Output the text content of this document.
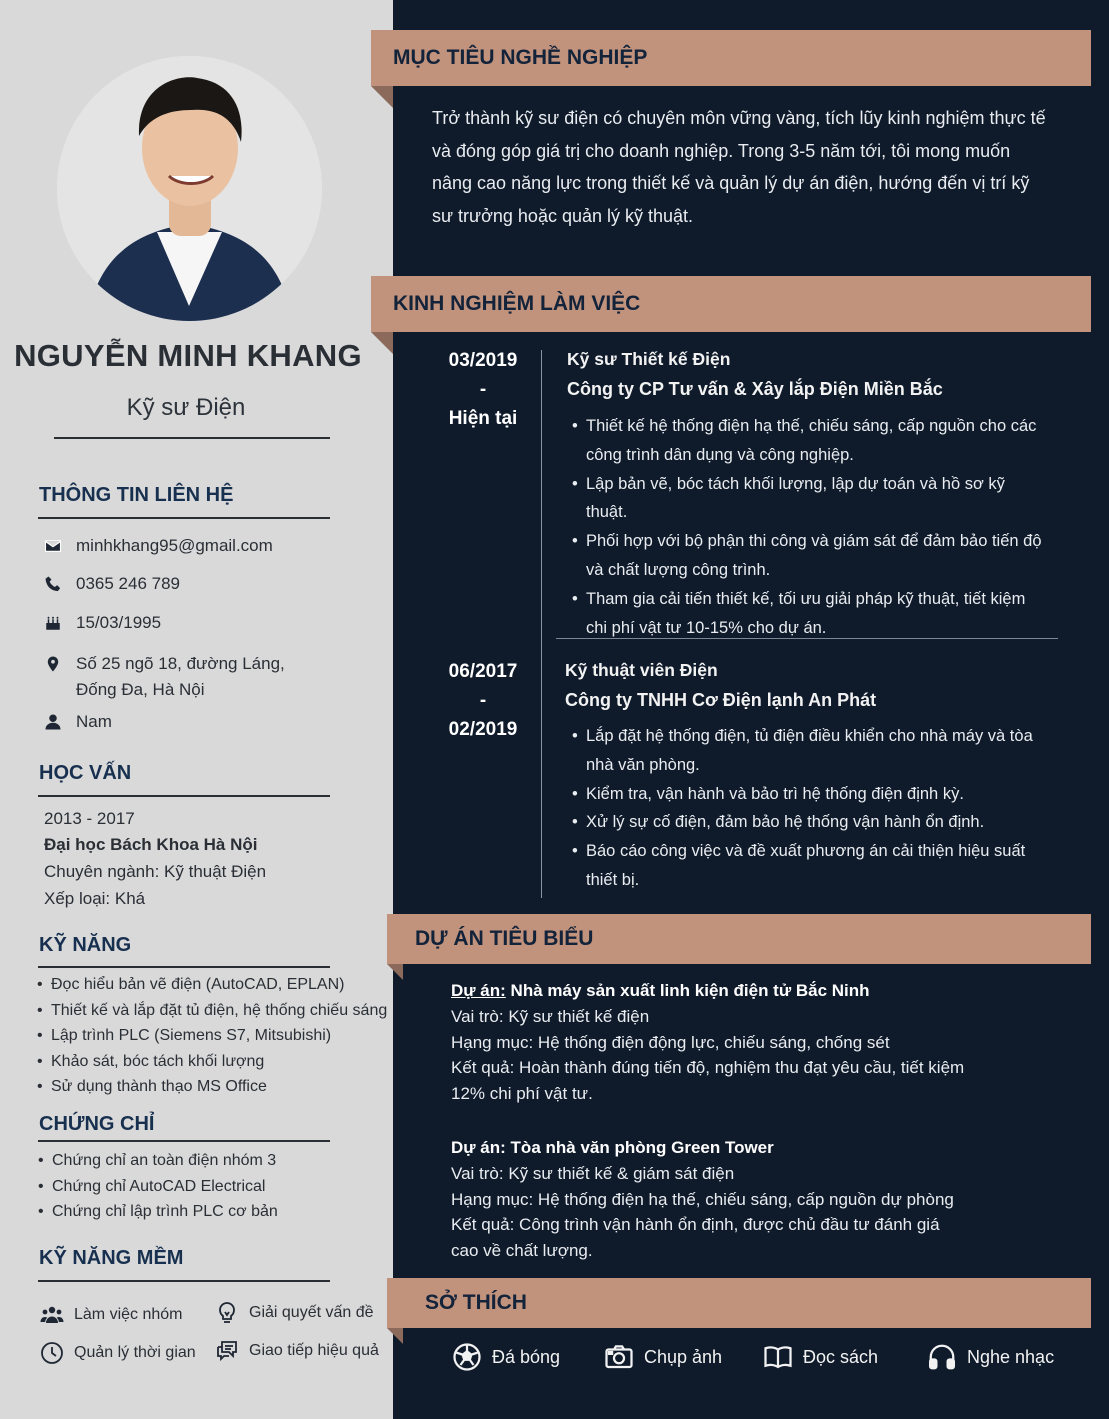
NGUYỄN MINH KHANG
Kỹ sư Điện
THÔNG TIN LIÊN HỆ
minhkhang95@gmail.com
0365 246 789
15/03/1995
Số 25 ngõ 18, đường Láng,
Đống Đa, Hà Nội
Nam
HỌC VẤN
2013 - 2017
Đại học Bách Khoa Hà Nội
Chuyên ngành: Kỹ thuật Điện
Xếp loại: Khá
KỸ NĂNG
• Đọc hiểu bản vẽ điện (AutoCAD, EPLAN)
• Thiết kế và lắp đặt tủ điện, hệ thống chiếu sáng
• Lập trình PLC (Siemens S7, Mitsubishi)
• Khảo sát, bóc tách khối lượng
• Sử dụng thành thạo MS Office
CHỨNG CHỈ
• Chứng chỉ an toàn điện nhóm 3
• Chứng chỉ AutoCAD Electrical
• Chứng chỉ lập trình PLC cơ bản
KỸ NĂNG MỀM
Làm việc nhóm	Giải quyết vấn đề
Quản lý thời gian	Giao tiếp hiệu quả
MỤC TIÊU NGHỀ NGHIỆP
Trở thành kỹ sư điện có chuyên môn vững vàng, tích lũy kinh nghiệm thực tế và đóng góp giá trị cho doanh nghiệp. Trong 3-5 năm tới, tôi mong muốn nâng cao năng lực trong thiết kế và quản lý dự án điện, hướng đến vị trí kỹ sư trưởng hoặc quản lý kỹ thuật.
KINH NGHIỆM LÀM VIỆC
03/2019
-
Hiện tại
Kỹ sư Thiết kế Điện
Công ty CP Tư vấn & Xây lắp Điện Miền Bắc
• Thiết kế hệ thống điện hạ thế, chiếu sáng, cấp nguồn cho các công trình dân dụng và công nghiệp.
• Lập bản vẽ, bóc tách khối lượng, lập dự toán và hồ sơ kỹ thuật.
• Phối hợp với bộ phận thi công và giám sát để đảm bảo tiến độ và chất lượng công trình.
• Tham gia cải tiến thiết kế, tối ưu giải pháp kỹ thuật, tiết kiệm chi phí vật tư 10-15% cho dự án.
06/2017
-
02/2019
Kỹ thuật viên Điện
Công ty TNHH Cơ Điện lạnh An Phát
• Lắp đặt hệ thống điện, tủ điện điều khiển cho nhà máy và tòa nhà văn phòng.
• Kiểm tra, vận hành và bảo trì hệ thống điện định kỳ.
• Xử lý sự cố điện, đảm bảo hệ thống vận hành ổn định.
• Báo cáo công việc và đề xuất phương án cải thiện hiệu suất thiết bị.
DỰ ÁN TIÊU BIỂU
Dự án: Nhà máy sản xuất linh kiện điện tử Bắc Ninh
Vai trò: Kỹ sư thiết kế điện
Hạng mục: Hệ thống điện động lực, chiếu sáng, chống sét
Kết quả: Hoàn thành đúng tiến độ, nghiệm thu đạt yêu cầu, tiết kiệm 12% chi phí vật tư.
Dự án: Tòa nhà văn phòng Green Tower
Vai trò: Kỹ sư thiết kế & giám sát điện
Hạng mục: Hệ thống điện hạ thế, chiếu sáng, cấp nguồn dự phòng
Kết quả: Công trình vận hành ổn định, được chủ đầu tư đánh giá cao về chất lượng.
SỞ THÍCH
Đá bóng	Chụp ảnh	Đọc sách	Nghe nhạc
